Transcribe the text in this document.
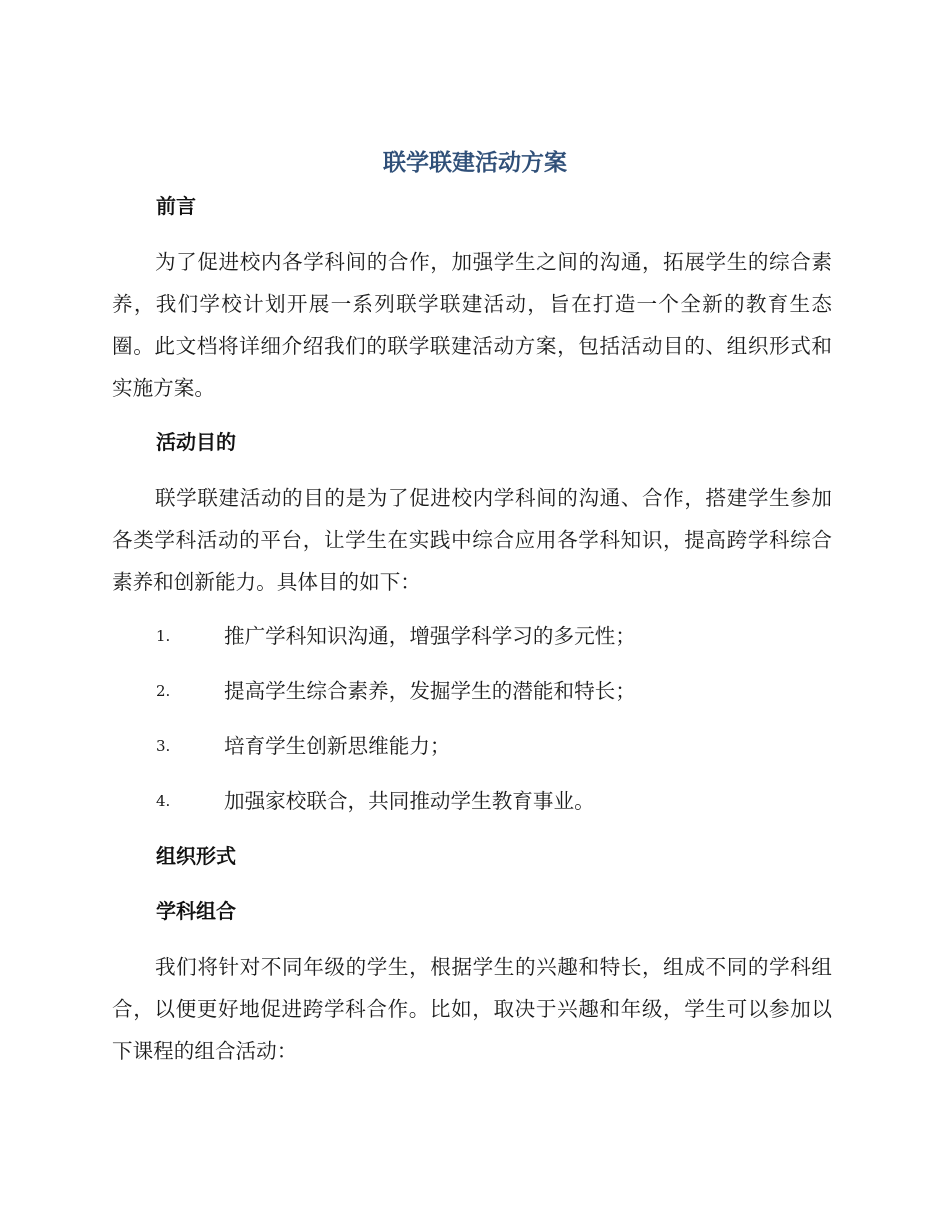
联学联建活动方案
前言

为了促进校内各学科间的合作，加强学生之间的沟通，拓展学生的综合素养，我们学校计划开展一系列联学联建活动，旨在打造一个全新的教育生态圈。此文档将详细介绍我们的联学联建活动方案，包括活动目的、组织形式和实施方案。

活动目的

联学联建活动的目的是为了促进校内学科间的沟通、合作，搭建学生参加各类学科活动的平台，让学生在实践中综合应用各学科知识，提高跨学科综合素养和创新能力。具体目的如下：

1.	推广学科知识沟通，增强学科学习的多元性；
2.	提高学生综合素养，发掘学生的潜能和特长；
3.	培育学生创新思维能力；
4.	加强家校联合，共同推动学生教育事业。
组织形式
学科组合

我们将针对不同年级的学生，根据学生的兴趣和特长，组成不同的学科组合，以便更好地促进跨学科合作。比如，取决于兴趣和年级，学生可以参加以下课程的组合活动：
